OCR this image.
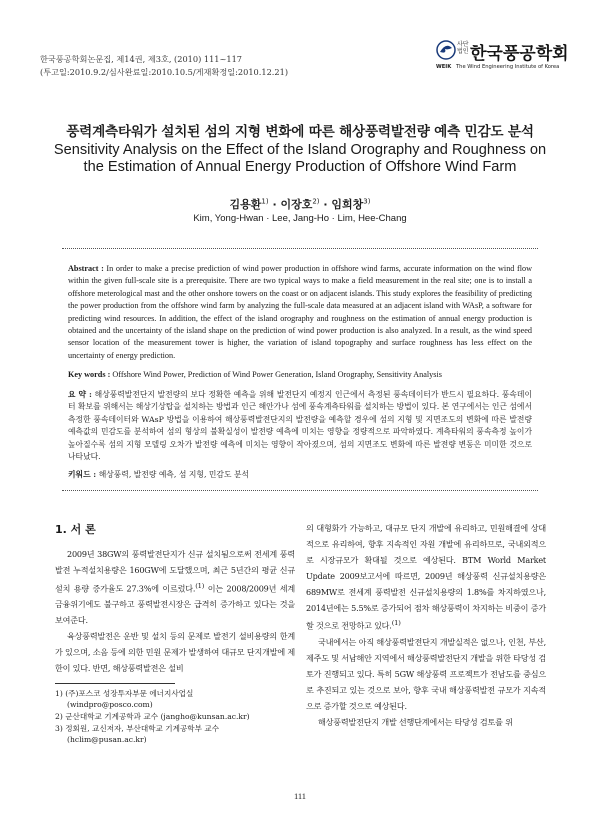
한국풍공학회논문집, 제14권, 제3호, (2010) 111~117
(투고일:2010.9.2/심사완료일:2010.10.5/게재확정일:2010.12.21)
사단법인 한국풍공학회
WEIK The Wind Engineering Institute of Korea
풍력계측타워가 설치된 섬의 지형 변화에 따른 해상풍력발전량 예측 민감도 분석
Sensitivity Analysis on the Effect of the Island Orography and Roughness on
the Estimation of Annual Energy Production of Offshore Wind Farm
김용환$^{1)}$ · 이장호$^{2)}$ · 임희창$^{3)}$
Kim, Yong-Hwan · Lee, Jang-Ho · Lim, Hee-Chang
Abstract : In order to make a precise prediction of wind power production in offshore wind farms, accurate information on the wind flow within the given full-scale site is a prerequisite. There are two typical ways to make a field measurement in the real site; one is to install a offshore meterological mast and the other onshore towers on the coast or on adjacent islands. This study explores the feasibility of predicting the power production from the offshore wind farm by analyzing the full-scale data measured at an adjacent island with WAsP, a software for predicting wind resources. In addition, the effect of the island orography and roughness on the estimation of annual energy production is obtained and the uncertainty of the island shape on the prediction of wind power production is also analyzed. In a result, as the wind speed sensor location of the measurement tower is higher, the variation of island topography and surface roughness has less effect on the uncertainty of energy prediction.
Key words : Offshore Wind Power, Prediction of Wind Power Generation, Island Orography, Sensitivity Analysis
요 약 : 해상풍력발전단지 발전량의 보다 정확한 예측을 위해 발전단지 예정지 인근에서 측정된 풍속데이터가 반드시 필요하다. 풍속데이터 확보를 위해서는 해상기상탑을 설치하는 방법과 인근 해안가나 섬에 풍속계측타워를 설치하는 방법이 있다. 본 연구에서는 인근 섬에서 측정한 풍속데이터와 WAsP 방법을 이용하여 해상풍력발전단지의 발전량을 예측할 경우에 섬의 지형 및 지면조도의 변화에 따른 발전량 예측값의 민감도를 분석하여 섬의 형상의 불확실성이 발전량 예측에 미치는 영향을 정량적으로 파악하였다. 계측타워의 풍속측정 높이가 높아질수록 섬의 지형 모델링 오차가 발전량 예측에 미치는 영향이 작아졌으며, 섬의 지면조도 변화에 따른 발전량 변동은 미미한 것으로 나타났다.
키워드 : 해상풍력, 발전량 예측, 섬 지형, 민감도 분석
1. 서 론

2009년 38GW의 풍력발전단지가 신규 설치됨으로써 전세계 풍력발전 누적설치용량은 160GW에 도달했으며, 최근 5년간의 평균 신규설치 용량 증가율도 27.3%에 이르렀다.$^{(1)}$ 이는 2008/2009년 세계 금융위기에도 불구하고 풍력발전시장은 급격히 증가하고 있다는 것을 보여준다.

육상풍력발전은 운반 및 설치 등의 문제로 발전기 설비용량의 한계가 있으며, 소음 등에 의한 민원 문제가 발생하여 대규모 단지개발에 제한이 있다. 반면, 해상풍력발전은 설비

의 대형화가 가능하고, 대규모 단지 개발에 유리하고, 민원해결에 상대적으로 유리하여, 향후 지속적인 자원 개발에 유리하므로, 국내외적으로 시장규모가 확대될 것으로 예상된다. BTM World Market Update 2009보고서에 따르면, 2009년 해상풍력 신규설치용량은 689MW로 전세계 풍력발전 신규설치용량의 1.8%를 차지하였으나, 2014년에는 5.5%로 증가되어 점차 해상풍력이 차지하는 비중이 증가할 것으로 전망하고 있다.$^{(1)}$

국내에서는 아직 해상풍력발전단지 개발실적은 없으나, 인천, 부산, 제주도 및 서남해안 지역에서 해상풍력발전단지 개발을 위한 타당성 검토가 진행되고 있다. 특히 5GW 해상풍력 프로젝트가 전남도를 중심으로 추진되고 있는 것으로 보아, 향후 국내 해상풍력발전 규모가 지속적으로 증가할 것으로 예상된다.

해상풍력발전단지 개발 선행단계에서는 타당성 검토를 위

1) (주)포스코 성장투자부문 에너지사업실
(windpro@posco.com)
2) 군산대학교 기계공학과 교수 (jangho@kunsan.ac.kr)
3) 정회원, 교신저자, 부산대학교 기계공학부 교수
(hclim@pusan.ac.kr)
111
